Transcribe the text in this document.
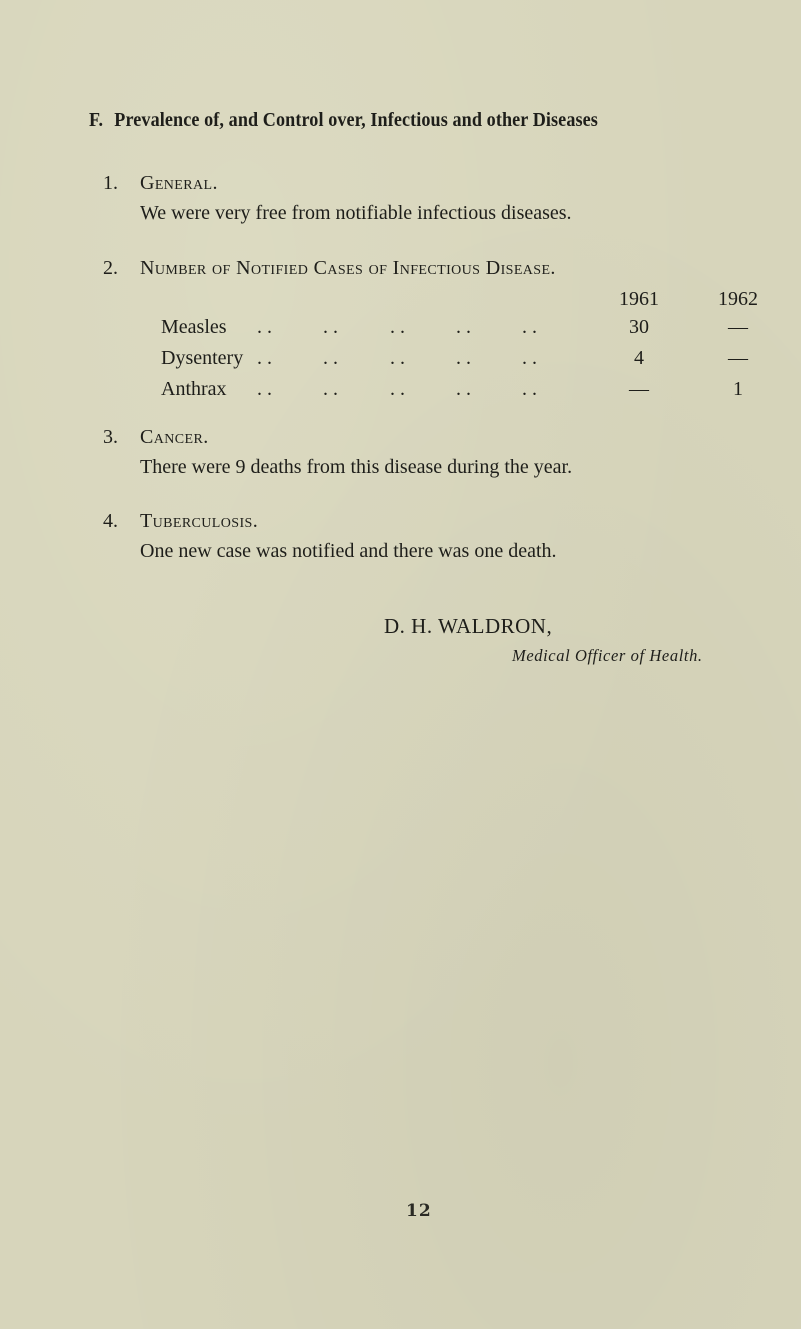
F. Prevalence of, and Control over, Infectious and other Diseases
1. General.
We were very free from notifiable infectious diseases.
2. Number of Notified Cases of Infectious Disease.
1961	1962
Measles . .	. .	. .	. .	. .	30	—
Dysentery . .	. .	. .	. .	. .	4	—
Anthrax . .	. .	. .	. .	. .	—	1
3. Cancer.
There were 9 deaths from this disease during the year.
4. Tuberculosis.
One new case was notified and there was one death.
D. H. WALDRON,
Medical Officer of Health.
12
